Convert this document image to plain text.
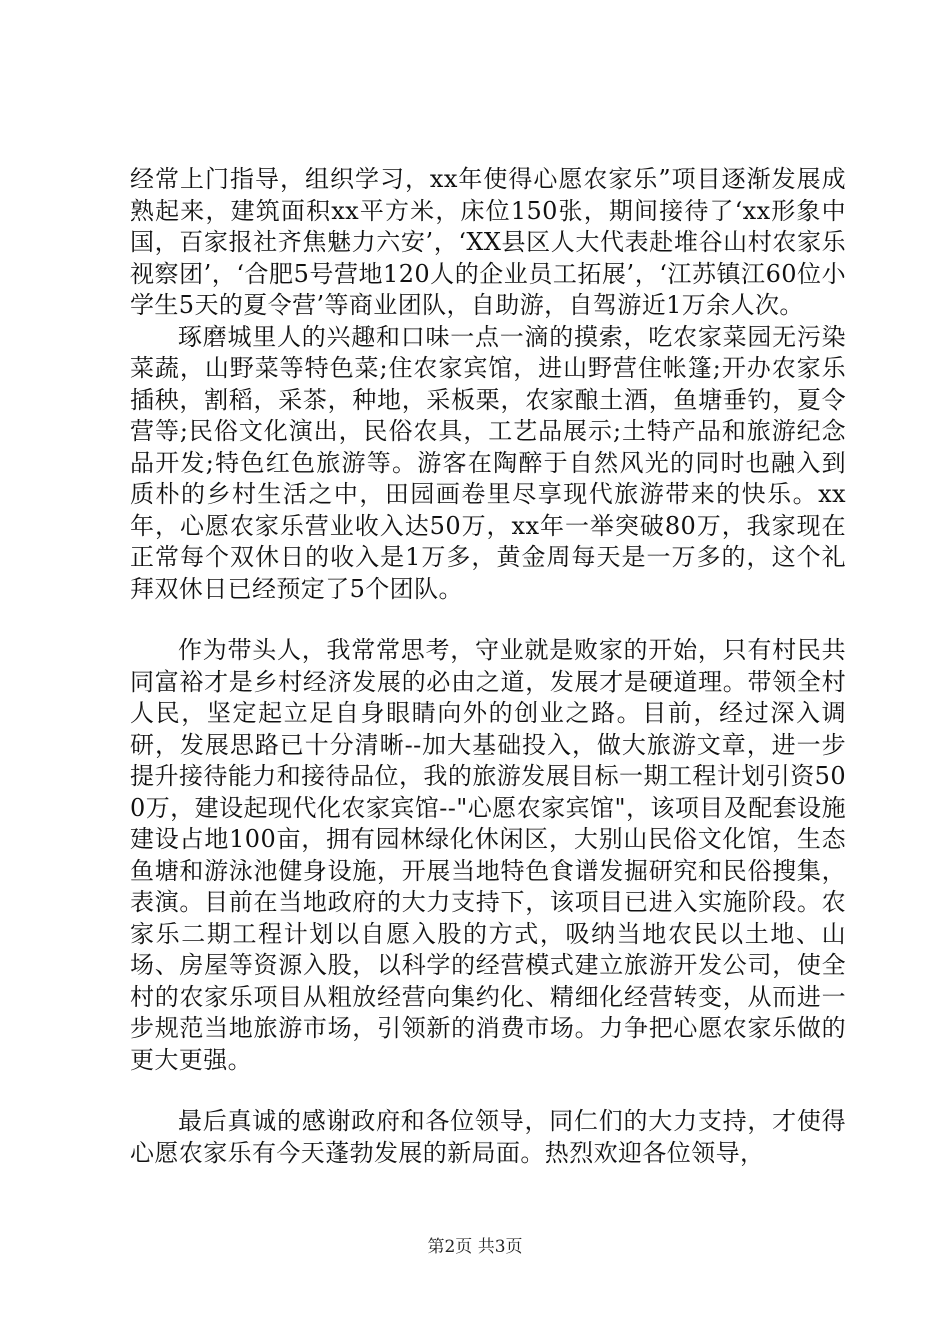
经常上门指导，组织学习，xx年使得心愿农家乐”项目逐渐发展成熟起来，建筑面积xx平方米，床位150张，期间接待了‘xx形象中国，百家报社齐焦魅力六安’，‘XX县区人大代表赴堆谷山村农家乐视察团’，‘合肥5号营地120人的企业员工拓展’，‘江苏镇江60位小学生5天的夏令营’等商业团队，自助游，自驾游近1万余人次。

琢磨城里人的兴趣和口味一点一滴的摸索，吃农家菜园无污染菜蔬，山野菜等特色菜;住农家宾馆，进山野营住帐篷;开办农家乐插秧，割稻，采茶，种地，采板栗，农家酿土酒，鱼塘垂钓，夏令营等;民俗文化演出，民俗农具，工艺品展示;土特产品和旅游纪念品开发;特色红色旅游等。游客在陶醉于自然风光的同时也融入到质朴的乡村生活之中，田园画卷里尽享现代旅游带来的快乐。xx年，心愿农家乐营业收入达50万，xx年一举突破80万，我家现在正常每个双休日的收入是1万多，黄金周每天是一万多的，这个礼拜双休日已经预定了5个团队。

作为带头人，我常常思考，守业就是败家的开始，只有村民共同富裕才是乡村经济发展的必由之道，发展才是硬道理。带领全村人民，坚定起立足自身眼睛向外的创业之路。目前，经过深入调研，发展思路已十分清晰--加大基础投入，做大旅游文章，进一步提升接待能力和接待品位，我的旅游发展目标一期工程计划引资500万，建设起现代化农家宾馆--"心愿农家宾馆"，该项目及配套设施建设占地100亩，拥有园林绿化休闲区，大别山民俗文化馆，生态鱼塘和游泳池健身设施，开展当地特色食谱发掘研究和民俗搜集，表演。目前在当地政府的大力支持下，该项目已进入实施阶段。农家乐二期工程计划以自愿入股的方式，吸纳当地农民以土地、山场、房屋等资源入股，以科学的经营模式建立旅游开发公司，使全村的农家乐项目从粗放经营向集约化、精细化经营转变，从而进一步规范当地旅游市场，引领新的消费市场。力争把心愿农家乐做的更大更强。

最后真诚的感谢政府和各位领导，同仁们的大力支持，才使得心愿农家乐有今天蓬勃发展的新局面。热烈欢迎各位领导，

第2页 共3页
